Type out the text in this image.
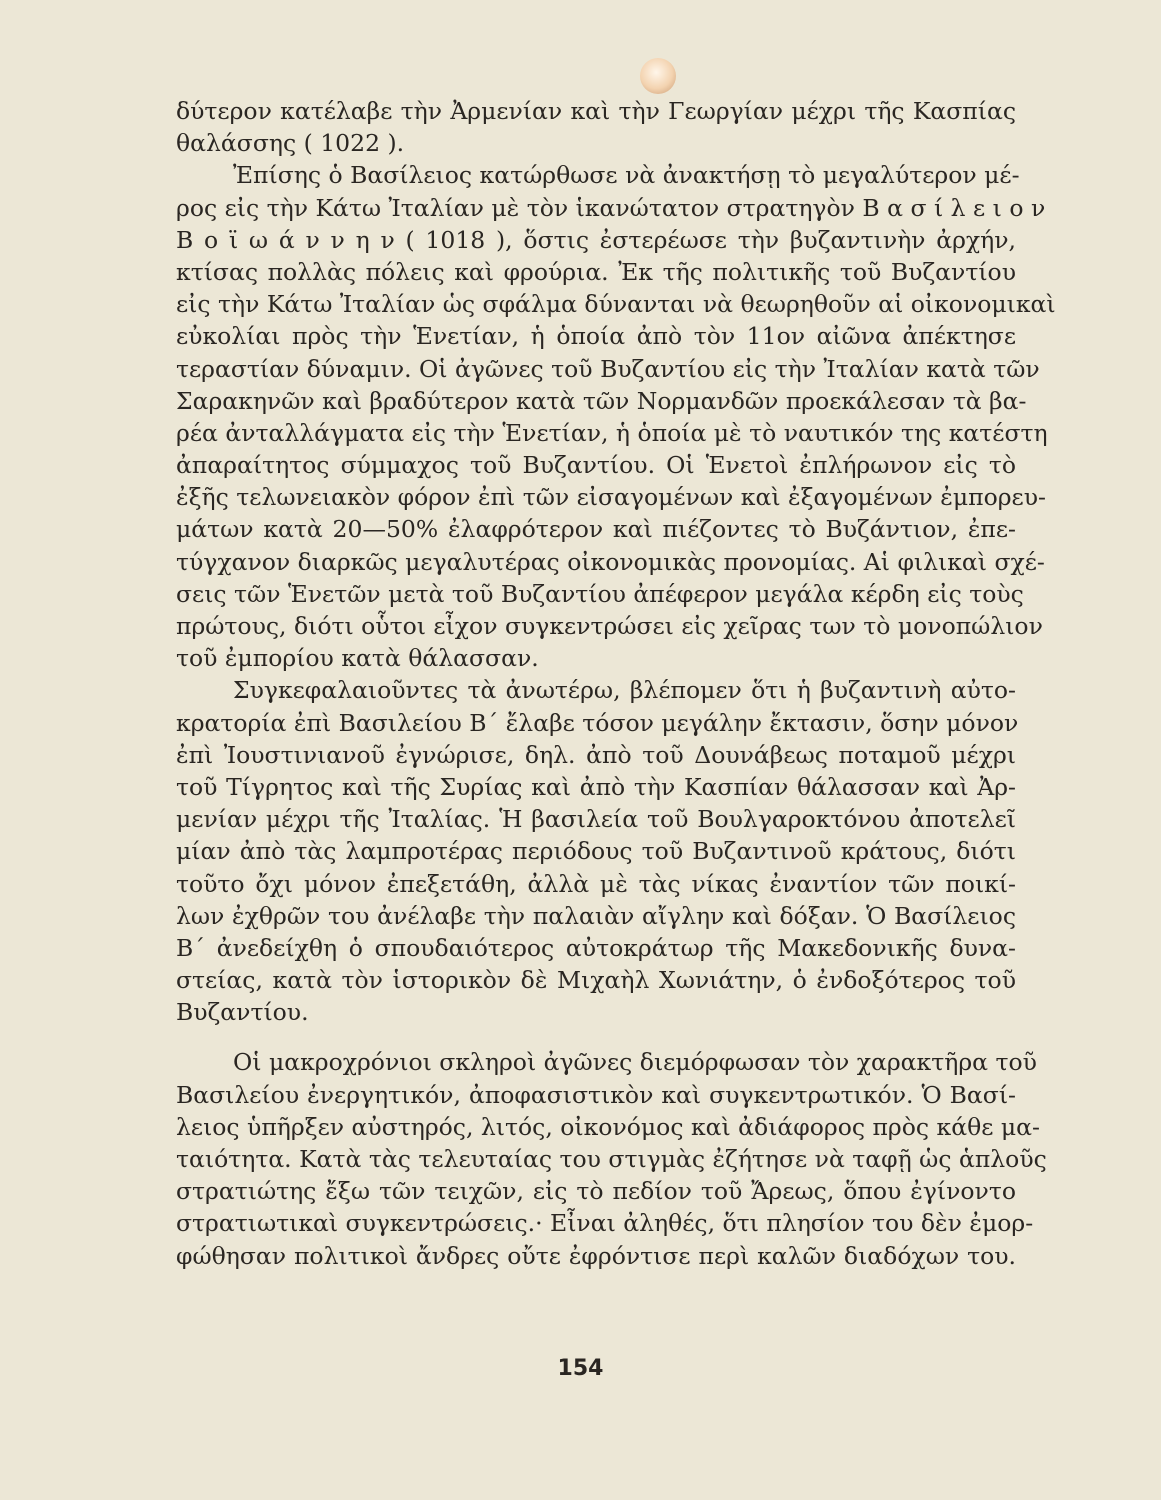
δύτερον κατέλαβε τὴν Ἀρμενίαν καὶ τὴν Γεωργίαν μέχρι τῆς Κασπίας
θαλάσσης ( 1022 ).
Ἐπίσης ὁ Βασίλειος κατώρθωσε νὰ ἀνακτήσῃ τὸ μεγαλύτερον μέ-
ρος εἰς τὴν Κάτω Ἰταλίαν μὲ τὸν ἱκανώτατον στρατηγὸν Β α σ ί λ ε ι ο ν
Β ο ϊ ω ά ν ν η ν ( 1018 ), ὅστις ἐστερέωσε τὴν βυζαντινὴν ἀρχήν,
κτίσας πολλὰς πόλεις καὶ φρούρια. Ἐκ τῆς πολιτικῆς τοῦ Βυζαντίου
εἰς τὴν Κάτω Ἰταλίαν ὡς σφάλμα δύνανται νὰ θεωρηθοῦν αἱ οἰκονομικαὶ
εὐκολίαι πρὸς τὴν Ἑνετίαν, ἡ ὁποία ἀπὸ τὸν 11ον αἰῶνα ἀπέκτησε
τεραστίαν δύναμιν. Οἱ ἀγῶνες τοῦ Βυζαντίου εἰς τὴν Ἰταλίαν κατὰ τῶν
Σαρακηνῶν καὶ βραδύτερον κατὰ τῶν Νορμανδῶν προεκάλεσαν τὰ βα-
ρέα ἀνταλλάγματα εἰς τὴν Ἑνετίαν, ἡ ὁποία μὲ τὸ ναυτικόν της κατέστη
ἀπαραίτητος σύμμαχος τοῦ Βυζαντίου. Οἱ Ἑνετοὶ ἐπλήρωνον εἰς τὸ
ἐξῆς τελωνειακὸν φόρον ἐπὶ τῶν εἰσαγομένων καὶ ἐξαγομένων ἐμπορευ-
μάτων κατὰ 20—50% ἐλαφρότερον καὶ πιέζοντες τὸ Βυζάντιον, ἐπε-
τύγχανον διαρκῶς μεγαλυτέρας οἰκονομικὰς προνομίας. Αἱ φιλικαὶ σχέ-
σεις τῶν Ἑνετῶν μετὰ τοῦ Βυζαντίου ἀπέφερον μεγάλα κέρδη εἰς τοὺς
πρώτους, διότι οὗτοι εἶχον συγκεντρώσει εἰς χεῖρας των τὸ μονοπώλιον
τοῦ ἐμπορίου κατὰ θάλασσαν.
Συγκεφαλαιοῦντες τὰ ἀνωτέρω, βλέπομεν ὅτι ἡ βυζαντινὴ αὐτο-
κρατορία ἐπὶ Βασιλείου Β΄ ἔλαβε τόσον μεγάλην ἔκτασιν, ὅσην μόνον
ἐπὶ Ἰουστινιανοῦ ἐγνώρισε, δηλ. ἀπὸ τοῦ Δουνάβεως ποταμοῦ μέχρι
τοῦ Τίγρητος καὶ τῆς Συρίας καὶ ἀπὸ τὴν Κασπίαν θάλασσαν καὶ Ἀρ-
μενίαν μέχρι τῆς Ἰταλίας. Ἡ βασιλεία τοῦ Βουλγαροκτόνου ἀποτελεῖ
μίαν ἀπὸ τὰς λαμπροτέρας περιόδους τοῦ Βυζαντινοῦ κράτους, διότι
τοῦτο ὄχι μόνον ἐπεξετάθη, ἀλλὰ μὲ τὰς νίκας ἐναντίον τῶν ποικί-
λων ἐχθρῶν του ἀνέλαβε τὴν παλαιὰν αἴγλην καὶ δόξαν. Ὁ Βασίλειος
Β΄ ἀνεδείχθη ὁ σπουδαιότερος αὐτοκράτωρ τῆς Μακεδονικῆς δυνα-
στείας, κατὰ τὸν ἱστορικὸν δὲ Μιχαὴλ Χωνιάτην, ὁ ἐνδοξότερος τοῦ
Βυζαντίου.
Οἱ μακροχρόνιοι σκληροὶ ἀγῶνες διεμόρφωσαν τὸν χαρακτῆρα τοῦ
Βασιλείου ἐνεργητικόν, ἀποφασιστικὸν καὶ συγκεντρωτικόν. Ὁ Βασί-
λειος ὑπῆρξεν αὐστηρός, λιτός, οἰκονόμος καὶ ἀδιάφορος πρὸς κάθε μα-
ταιότητα. Κατὰ τὰς τελευταίας του στιγμὰς ἐζήτησε νὰ ταφῇ ὡς ἁπλοῦς
στρατιώτης ἔξω τῶν τειχῶν, εἰς τὸ πεδίον τοῦ Ἄρεως, ὅπου ἐγίνοντο
στρατιωτικαὶ συγκεντρώσεις.· Εἶναι ἀληθές, ὅτι πλησίον του δὲν ἐμορ-
φώθησαν πολιτικοὶ ἄνδρες οὔτε ἐφρόντισε περὶ καλῶν διαδόχων του.
154
